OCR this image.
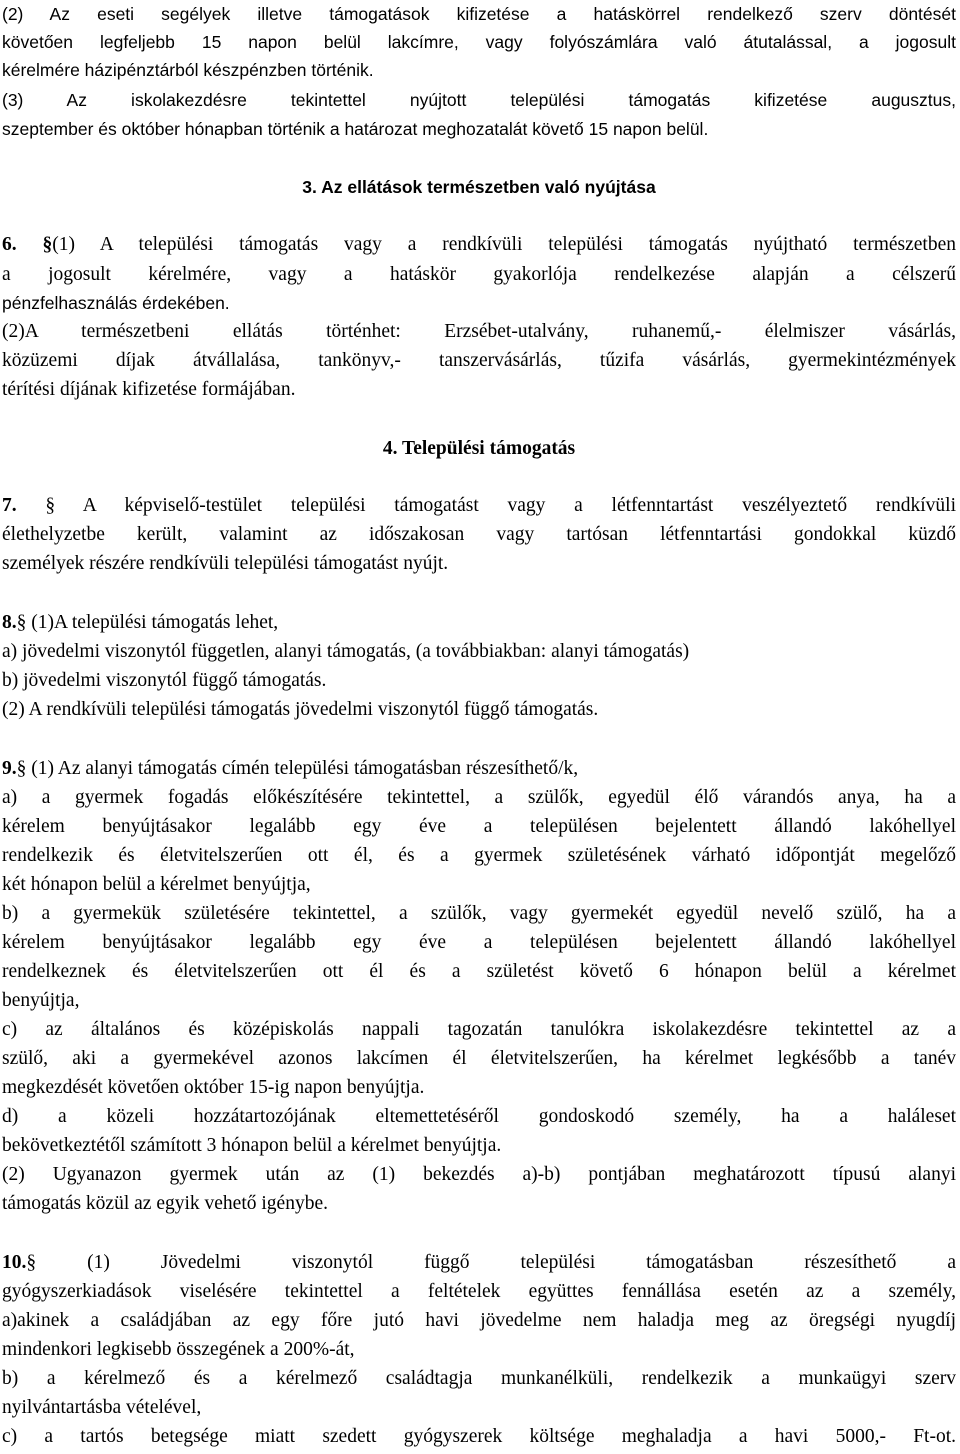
(2) Az eseti segélyek illetve támogatások kifizetése a hatáskörrel rendelkező szerv döntését
követően legfeljebb 15 napon belül lakcímre, vagy folyószámlára való átutalással, a jogosult
kérelmére házipénztárból készpénzben történik.
(3) Az iskolakezdésre tekintettel nyújtott települési támogatás kifizetése augusztus,
szeptember és október hónapban történik a határozat meghozatalát követő 15 napon belül.
3. Az ellátások természetben való nyújtása
6. §(1) A települési támogatás vagy a rendkívüli települési támogatás nyújtható természetben
a jogosult kérelmére, vagy a hatáskör gyakorlója rendelkezése alapján a célszerű
pénzfelhasználás érdekében.
(2)A természetbeni ellátás történhet: Erzsébet-utalvány, ruhanemű,- élelmiszer vásárlás,
közüzemi díjak átvállalása, tankönyv,- tanszervásárlás, tűzifa vásárlás, gyermekintézmények
térítési díjának kifizetése formájában.
4. Települési támogatás
7. § A képviselő-testület települési támogatást vagy a létfenntartást veszélyeztető rendkívüli
élethelyzetbe került, valamint az időszakosan vagy tartósan létfenntartási gondokkal küzdő
személyek részére rendkívüli települési támogatást nyújt.
8.§ (1)A települési támogatás lehet,
a) jövedelmi viszonytól független, alanyi támogatás, (a továbbiakban: alanyi támogatás)
b) jövedelmi viszonytól függő támogatás.
(2) A rendkívüli települési támogatás jövedelmi viszonytól függő támogatás.
9.§ (1) Az alanyi támogatás címén települési támogatásban részesíthető/k,
a) a gyermek fogadás előkészítésére tekintettel, a szülők, egyedül élő várandós anya, ha a
kérelem benyújtásakor legalább egy éve a településen bejelentett állandó lakóhellyel
rendelkezik és életvitelszerűen ott él, és a gyermek születésének várható időpontját megelőző
két hónapon belül a kérelmet benyújtja,
b) a gyermekük születésére tekintettel, a szülők, vagy gyermekét egyedül nevelő szülő, ha a
kérelem benyújtásakor legalább egy éve a településen bejelentett állandó lakóhellyel
rendelkeznek és életvitelszerűen ott él és a születést követő 6 hónapon belül a kérelmet
benyújtja,
c) az általános és középiskolás nappali tagozatán tanulókra iskolakezdésre tekintettel az a
szülő, aki a gyermekével azonos lakcímen él életvitelszerűen, ha kérelmet legkésőbb a tanév
megkezdését követően október 15-ig napon benyújtja.
d) a közeli hozzátartozójának eltemettetéséről gondoskodó személy, ha a haláleset
bekövetkeztétől számított 3 hónapon belül a kérelmet benyújtja.
(2) Ugyanazon gyermek után az (1) bekezdés a)-b) pontjában meghatározott típusú alanyi
támogatás közül az egyik vehető igénybe.
10.§ (1) Jövedelmi viszonytól függő települési támogatásban részesíthető a
gyógyszerkiadások viselésére tekintettel a feltételek együttes fennállása esetén az a személy,
a)akinek a családjában az egy főre jutó havi jövedelme nem haladja meg az öregségi nyugdíj
mindenkori legkisebb összegének a 200%-át,
b) a kérelmező és a kérelmező családtagja munkanélküli, rendelkezik a munkaügyi szerv
nyilvántartásba vételével,
c) a tartós betegsége miatt szedett gyógyszerek költsége meghaladja a havi 5000,- Ft-ot.
